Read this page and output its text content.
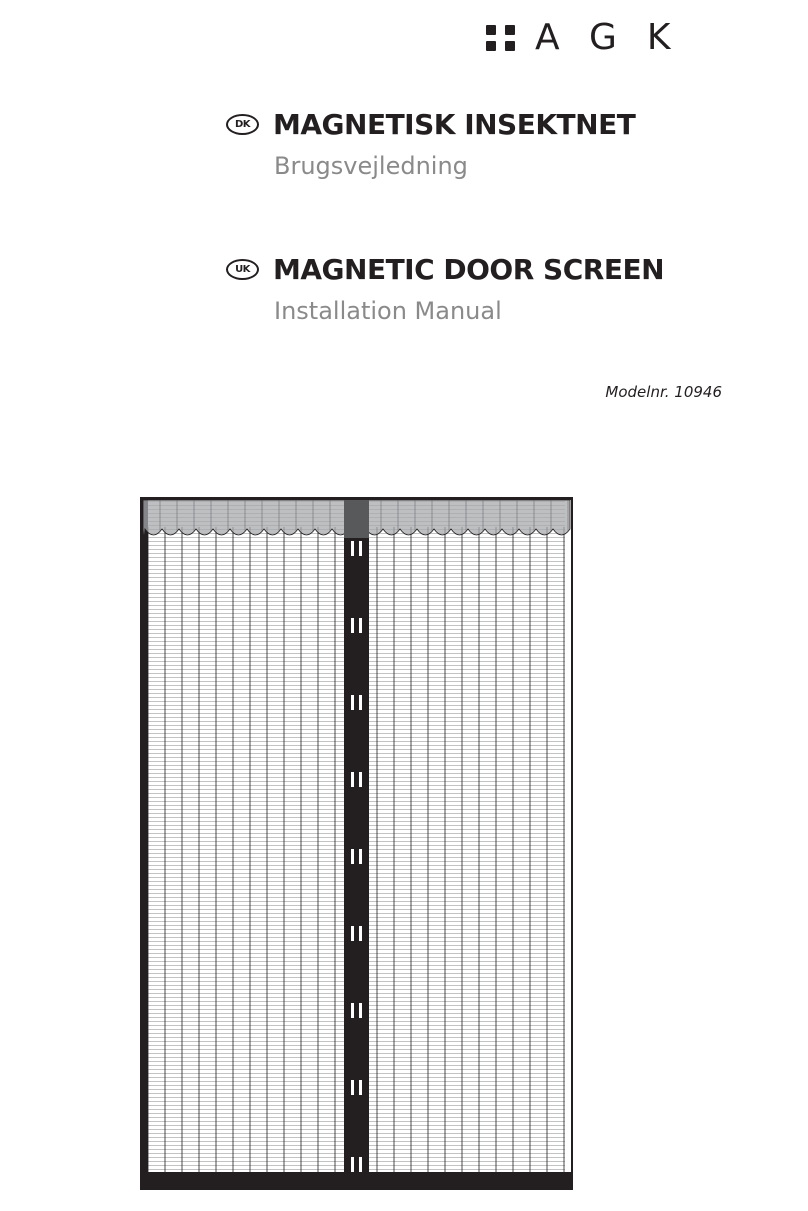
AGK
DK MAGNETISK INSEKTNET
Brugsvejledning
UK MAGNETIC DOOR SCREEN
Installation Manual
Modelnr. 10946
